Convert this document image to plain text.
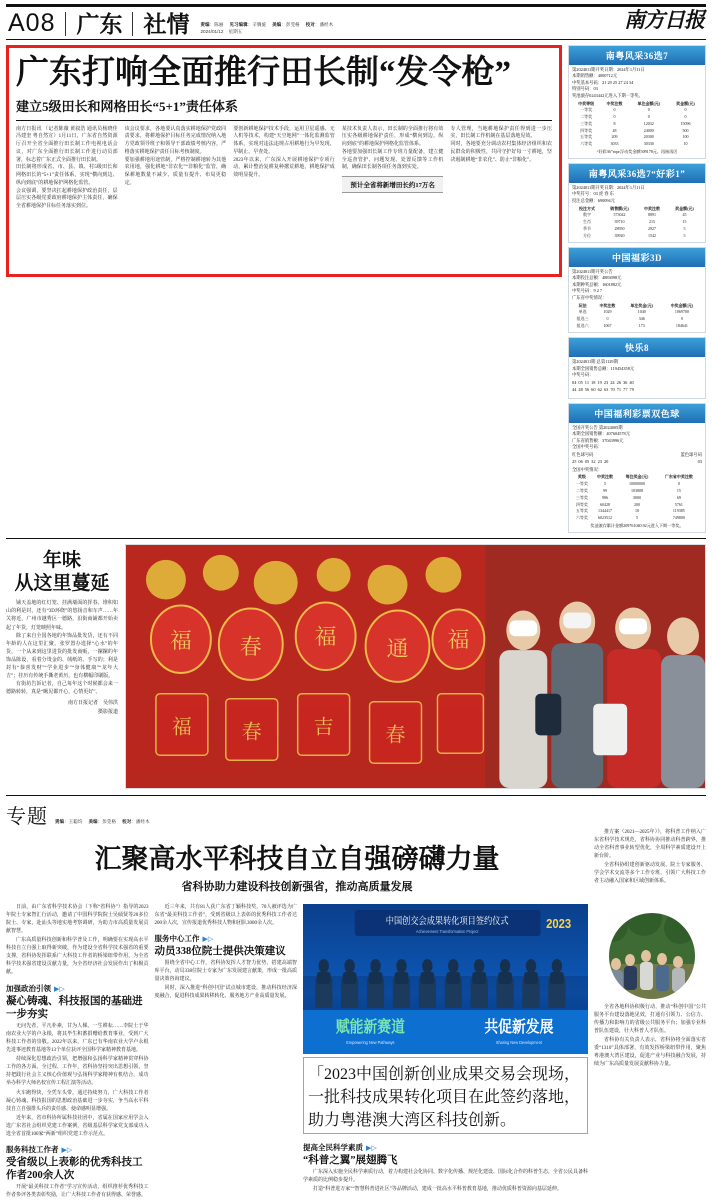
A08 广东 社情	责编：陈丽 见习编辑：辛腾旋 美编：彭莞格 校对：潘经木
2024/01/12 星期五	南方日报
广东打响全面推行田长制“发令枪”
建立5级田长和网格田长“5+1”责任体系
南方日报讯 （记者陈薇 黄叙浩 通讯员杨晓佳 冯建奎 粤自然宣）1月11日，广东省自然资源厅召开全省全面推行田长制工作电视电话会议，对广东全面推行田长制工作进行动员部署，标志着广东正式全面推行田长制。
田长制将形成省、市、县、镇、村5级田长和网格田长的“5+1”责任体系，实现“横向到边、纵向到底”的耕地保护网格化监管。
会议强调，要坚决扛起耕地保护政治责任，层层压实各级党委政府耕地保护主体责任，确保全省耕地保护目标任务落实到位。
该会议要求，各地要认真落实耕地保护党政同责要求，将耕地保护目标任务完成情况纳入地方党政领导班子和领导干部政绩考核内容，严格落实耕地保护责任目标考核制度。
要加强耕地用途管制，严格控制耕地转为其他农用地，强化耕地“非农化”“非粮化”监管，确保耕地数量不减少、质量有提升、布局更稳定。
要创新耕地保护技术手段，运用卫星遥感、无人机等技术，构建“天空地网”一体化监测监管体系，实现对违法违规占用耕地行为早发现、早制止、早查处。
2023年以来，广东深入开展耕地保护专项行动，累计整治复耕复种撂荒耕地，耕地保护成效明显提升。
某技术负责人表示，田长制的全面推行将有效压实各级耕地保护责任，形成“横向到边、纵向到底”的耕地保护网格化监管体系。
各地要加强田长制工作专班力量配备，建立健全巡查管护、问题发现、处置反馈等工作机制，确保田长制各项任务落到实处。
预计全省将新增田长约17万名
专人管理，当地耕地保护责任得到进一步压实，田长制工作机制在基层落地见效。
同时，各地要充分调动农村集体经济组织和农民群众的积极性，共同守护好每一寸耕地，坚决遏制耕地“非农化”、防止“非粮化”。
南粤风采36选7
第2024011期开奖日期：2024年1月11日
本期销售额：4000712元
中奖基本号码：21 29 25 27 24 34
特别号码：03
奖池滚存0243442元进入下期一等奖。
中奖等级	中奖注数	单注金额(元)	奖金额(元)
一等奖	0	0	0
二等奖	0	0	0
三等奖	8	12032	15096
四等奖	48	24000	500
五等奖	209	20300	100
六等奖	3033	30330	10
“好彩36”торг浮动奖金额509178元。再接再厉
南粤风采36选7“好彩1”
第2024011期开奖日期：2024年1月11日
中奖符号：03 虎 春 东
投注总金额：690094元
投注方式	销售额(元)	中奖注数	奖金额(元)
数字	573042	8891	45
生肖	39710	215	15
季节	28950	2927	5
方位	39920	1542	5
中国福彩3D
第2024011期开奖公告
本期投注总额：4883098元
本期种奖总额：1601882元
中奖号码：9 2 7
广东省中奖情况：
玩法	中奖注数	单注奖金(元)	中奖金额(元)
单选	1029	1040	1069700
组选三	0	346	0
组选六	1067	173	184641
快乐8
第2024011期 总第1129期
本期全国销售总额：119454358元
中奖号码：
04 05 11 18 19 23 24 26 36 40
44 48 56 60 62 63 70 71 77 79
中国福利彩票双色球
全国开奖公告 第2024005期
本期全国销售额：407604578元
广东省销售额：37043996元
全国中奖号码：
红色球号码	蓝色球号码
25 06 05 32 23 20	03
全国中奖情况：
奖级	中奖注数	每注奖金(元)	广东省中奖注数
一等奖	5	10000000	0
二等奖	99	103808	15
三等奖	986	3000	69
四等奖	60428	200	5761
五等奖	1344417	10	119385
六等奖	6023512	5	749800
奖池滚存累计金额209761040.92元进入下期一等奖。
年味
从这里蔓延
铺天盖地的红灯笼、挂满墙面的挥春、堆积如山的利是封，还有“3D环绕”的悠扬音和车声……年关将近，广州市越秀区一德路，沿街商铺都开始卖起了年货，灯笼映照年味。
除了来自全国各地的年饰品批发货，还有不同年龄的人在这里汇聚。张罗置办选择“心水”的年货，一个从来到这里进货的批发商贩，一摞摞的年饰品陈设，看着分烫金的、绒纸的、手写的；利是封有“恭喜发财”“学业进步”“身体健康”“龙年大吉”；挂历有传统手撕老黄历，也有横幅印刷版。
有街坊告诉记者，自己每年这个时候都会来一德路转转，真是“瞅见都开心，心情更好”。
南方日报记者　吴伟洪
摄影报道
福 春 福 通 福
福 春	吉	春
专题 责编：王聪均 美编：彭莞格 校对：潘经木
汇聚高水平科技自立自强磅礴力量
省科协助力建设科技创新强省，推动高质量发展
推方案（2021—2025年）》，将科普工作纳入广东省科学技术规范，省科协协同推动科普跨界，推动全省科普事业转型优化，全周科学素质建设开上新台阶。
全省科协组建创新驱动发展、院士专家服务、学会学术交流等多个工作专班，引领广大科技工作者主动融入国家和区域创新体系。
日前，由广东省科学技术协会（下称“省科协”）指导的2023年院士专家智汇行活动，邀请了中国科学院院士吴硕贤等20多位院士、专家，赴汕头等地实地考察调研，为助力市高质量发展贡献智慧。
广东高质量科技创新和科学普及工作，明确要在实现高水平科技自立自强上取得新突破，作为建设全省科学技术强省的重要支撑，省科协发挥联系广大科技工作者的桥梁纽带作用，为全省科学技术强省建设贡献力量，为全省经济社会发展作出了积极贡献。
加强政治引领 ▶▷
凝心铸魂、科技报国的基础进一步夯实
无问先者，平凡朴素，甘为人梯。一生耕耘……李院士于华南农业大学的卢永根，将其毕生积蓄捐赠给教育事业，受到广大科技工作者的崇敬。2022年以来，广东已有华南农业大学卢永根先进事迹教育基地等13个单位获评全国科学家精神教育基地。
持续深化思想政治引领，把增强和弘扬科学家精神贯穿科协工作的各方面。全过程、工作年，省科协坚持突出思想引领，坚持把践行社会主义核心价值观与弘扬科学家精神有机结合，成功举办科学大师名校宣传工程汇演等活动。
火车跑得快，全凭车头带。通过持续努力，广大科技工作者凝心铸魂、科技报国的思想政治基础进一步夯实，争当高水平科技自立自强排头兵的责任感、使命感明显增强。
近年来，省市科协所属科技社团中，省属在国家应用学会入选广东省社会组织党建工作案例，省级基层科学家党支部成功入选全省首批100家“两新”组织党建工作示范点。
服务科技工作者 ▶▷
受省级以上表彰的优秀科技工作者200余人次
开展“最美科技工作者”学习宣传活动，组织推荐优秀科技工作者参评各类表彰奖励，让广大科技工作者有获得感、荣誉感。
近三年来，共有81人获广东省丁颖科技奖，70人被评选为广东省“最美科技工作者”，受到省级以上表彰的优秀科技工作者达200余人次，宣传报道优秀科技人物和团队3000余人次。
服务中心工作 ▶▷
动员338位院士提供决策建议
围绕全省中心工作，省科协发挥人才智力优势，搭建高端智库平台，动员338位院士专家为广东发展建言献策，形成一批高质量决策咨询建议。
同时，深入推进“科创中国”试点城市建设，推动科技经济深度融合，促进科技成果转移转化，服务地方产业高质量发展。
中国创交会成果转化项目签约仪式
Achievement Transformation Project
2023
赋能新赛道
Empowering New Pathways
共促新发展
Sharing New Development
「2023中国创新创业成果交易会现场，一批科技成果转化项目在此签约落地，助力粤港澳大湾区科技创新。
提高全民科学素质 ▶▷
“科普之翼”展翅腾飞
广东深入实施全民科学素质行动，着力构建社会化协同、数字化传播、规范化建设、国际化合作的科普生态，全省公民具备科学素质的比例稳步提升。
打造“科普进万家”“智慧科普进社区”等品牌活动，建成一批高水平科普教育基地，推动优质科普资源向基层延伸。
全省各地科协积极行动，推动“科创中国”公共服务平台建设落地见效，打通有引领力、公信力、传播力和影响力的省级公共服务平台；加强专业科普队伍建设，壮大科普人才队伍。
省科协有关负责人表示，省科协将全面落实省委“1310”具体部署，有效发挥桥梁纽带作用，聚焦粤港澳大湾区建设，促进产业与科技融合发展，持续为广东高质量发展贡献科协力量。
